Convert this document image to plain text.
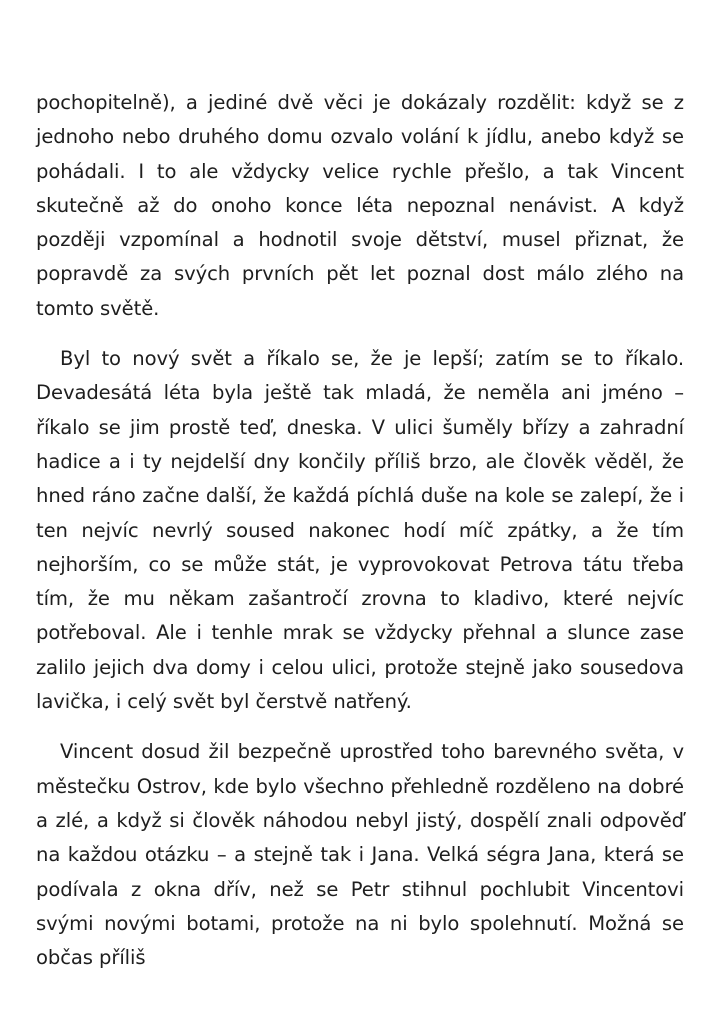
pochopitelně), a jediné dvě věci je dokázaly rozdělit: když se z jednoho nebo druhého domu ozvalo volání k jídlu, anebo když se pohádali. I to ale vždycky velice rychle přešlo, a tak Vincent skutečně až do onoho konce léta nepoznal nenávist. A když později vzpomínal a hodnotil svoje dětství, musel přiznat, že popravdě za svých prvních pět let poznal dost málo zlého na tomto světě.

Byl to nový svět a říkalo se, že je lepší; zatím se to říkalo. Devadesátá léta byla ještě tak mladá, že neměla ani jméno – říkalo se jim prostě teď, dneska. V ulici šuměly břízy a zahradní hadice a i ty nejdelší dny končily příliš brzo, ale člověk věděl, že hned ráno začne další, že každá píchlá duše na kole se zalepí, že i ten nejvíc nevrlý soused nakonec hodí míč zpátky, a že tím nejhorším, co se může stát, je vyprovokovat Petrova tátu třeba tím, že mu někam zašantročí zrovna to kladivo, které nejvíc potřeboval. Ale i tenhle mrak se vždycky přehnal a slunce zase zalilo jejich dva domy i celou ulici, protože stejně jako sousedova lavička, i celý svět byl čerstvě natřený.

Vincent dosud žil bezpečně uprostřed toho barevného světa, v městečku Ostrov, kde bylo všechno přehledně rozděleno na dobré a zlé, a když si člověk náhodou nebyl jistý, dospělí znali odpověď na každou otázku – a stejně tak i Jana. Velká ségra Jana, která se podívala z okna dřív, než se Petr stihnul pochlubit Vincentovi svými novými botami, protože na ni bylo spolehnutí. Možná se občas příliš
